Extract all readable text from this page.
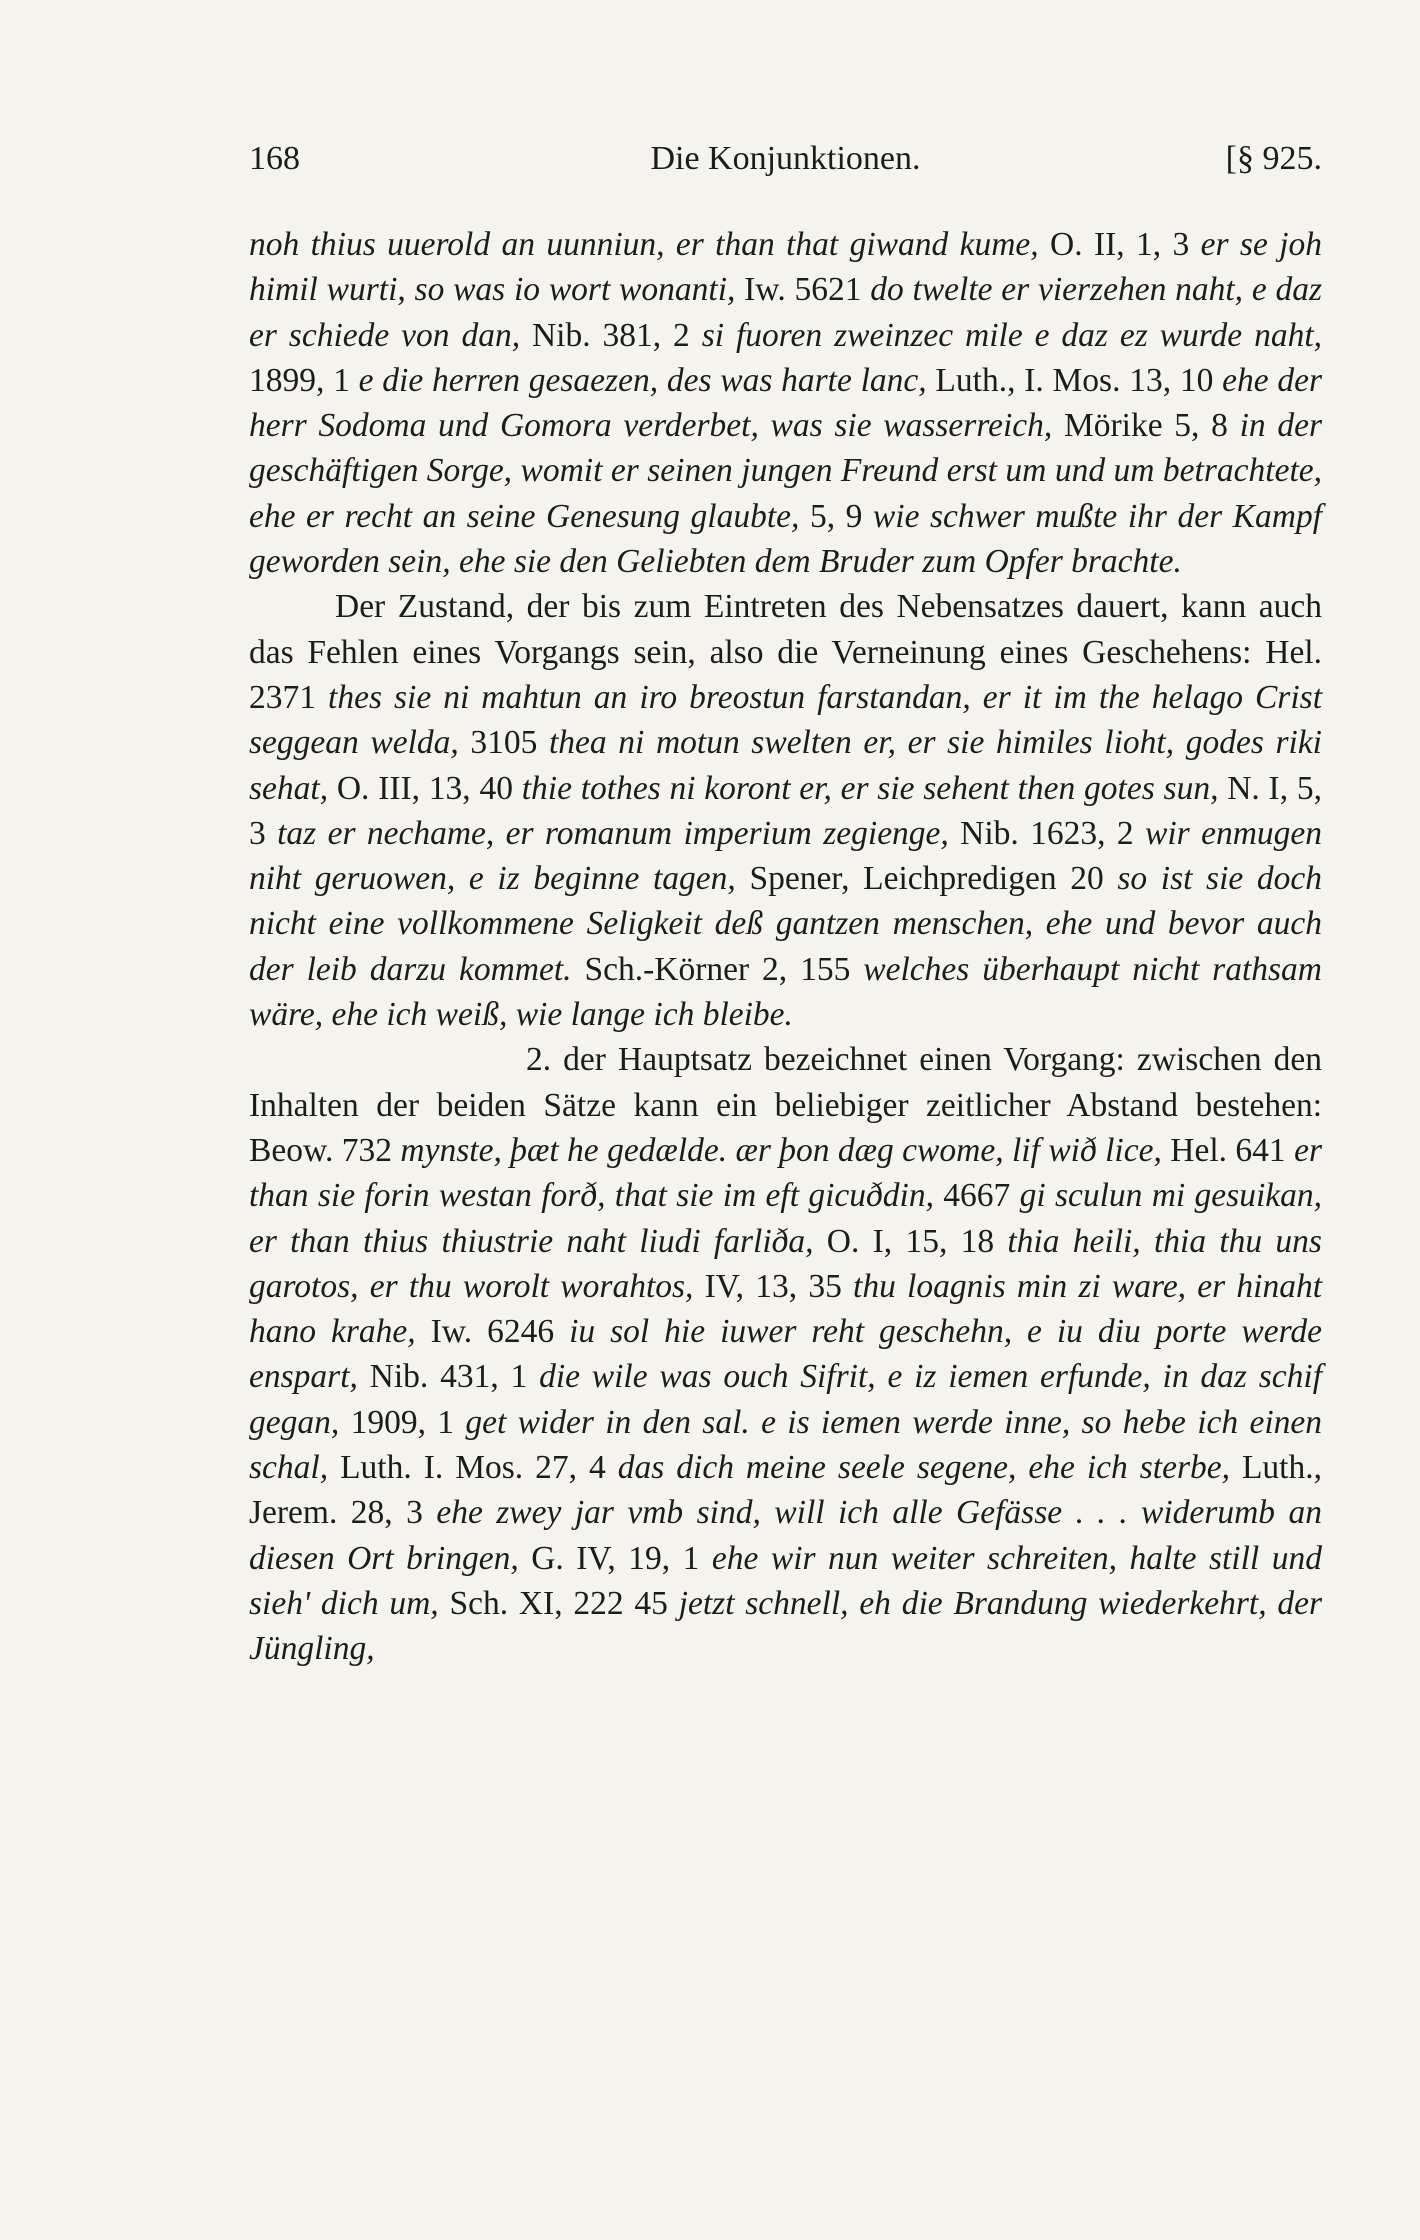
168	Die Konjunktionen.	[§ 925.

noh thius uuerold an uunniun, er than that giwand kume, O. II, 1, 3 er se joh himil wurti, so was io wort wonanti, Iw. 5621 do twelte er vierzehen naht, e daz er schiede von dan, Nib. 381, 2 si fuoren zweinzec mile e daz ez wurde naht, 1899, 1 e die herren gesaezen, des was harte lanc, Luth., I. Mos. 13, 10 ehe der herr Sodoma und Gomora verderbet, was sie wasserreich, Mörike 5, 8 in der geschäftigen Sorge, womit er seinen jungen Freund erst um und um betrachtete, ehe er recht an seine Genesung glaubte, 5, 9 wie schwer mußte ihr der Kampf geworden sein, ehe sie den Geliebten dem Bruder zum Opfer brachte.

Der Zustand, der bis zum Eintreten des Nebensatzes dauert, kann auch das Fehlen eines Vorgangs sein, also die Verneinung eines Geschehens: Hel. 2371 thes sie ni mahtun an iro breostun farstandan, er it im the helago Crist seggean welda, 3105 thea ni motun swelten er, er sie himiles lioht, godes riki sehat, O. III, 13, 40 thie tothes ni koront er, er sie sehent then gotes sun, N. I, 5, 3 taz er nechame, er romanum imperium zegienge, Nib. 1623, 2 wir enmugen niht geruowen, e iz beginne tagen, Spener, Leichpredigen 20 so ist sie doch nicht eine vollkommene Seligkeit deß gantzen menschen, ehe und bevor auch der leib darzu kommet. Sch.-Körner 2, 155 welches überhaupt nicht rathsam wäre, ehe ich weiß, wie lange ich bleibe.

2. der Hauptsatz bezeichnet einen Vorgang: zwischen den Inhalten der beiden Sätze kann ein beliebiger zeitlicher Abstand bestehen: Beow. 732 mynste, þæt he gedælde. ær þon dæg cwome, lif wið lice, Hel. 641 er than sie forin westan forð, that sie im eft gicuðdin, 4667 gi sculun mi gesuikan, er than thius thiustrie naht liudi farliða, O. I, 15, 18 thia heili, thia thu uns garotos, er thu worolt worahtos, IV, 13, 35 thu loagnis min zi ware, er hinaht hano krahe, Iw. 6246 iu sol hie iuwer reht geschehn, e iu diu porte werde enspart, Nib. 431, 1 die wile was ouch Sifrit, e iz iemen erfunde, in daz schif gegan, 1909, 1 get wider in den sal. e is iemen werde inne, so hebe ich einen schal, Luth. I. Mos. 27, 4 das dich meine seele segene, ehe ich sterbe, Luth., Jerem. 28, 3 ehe zwey jar vmb sind, will ich alle Gefässe . . . widerumb an diesen Ort bringen, G. IV, 19, 1 ehe wir nun weiter schreiten, halte still und sieh' dich um, Sch. XI, 222 45 jetzt schnell, eh die Brandung wiederkehrt, der Jüngling,
